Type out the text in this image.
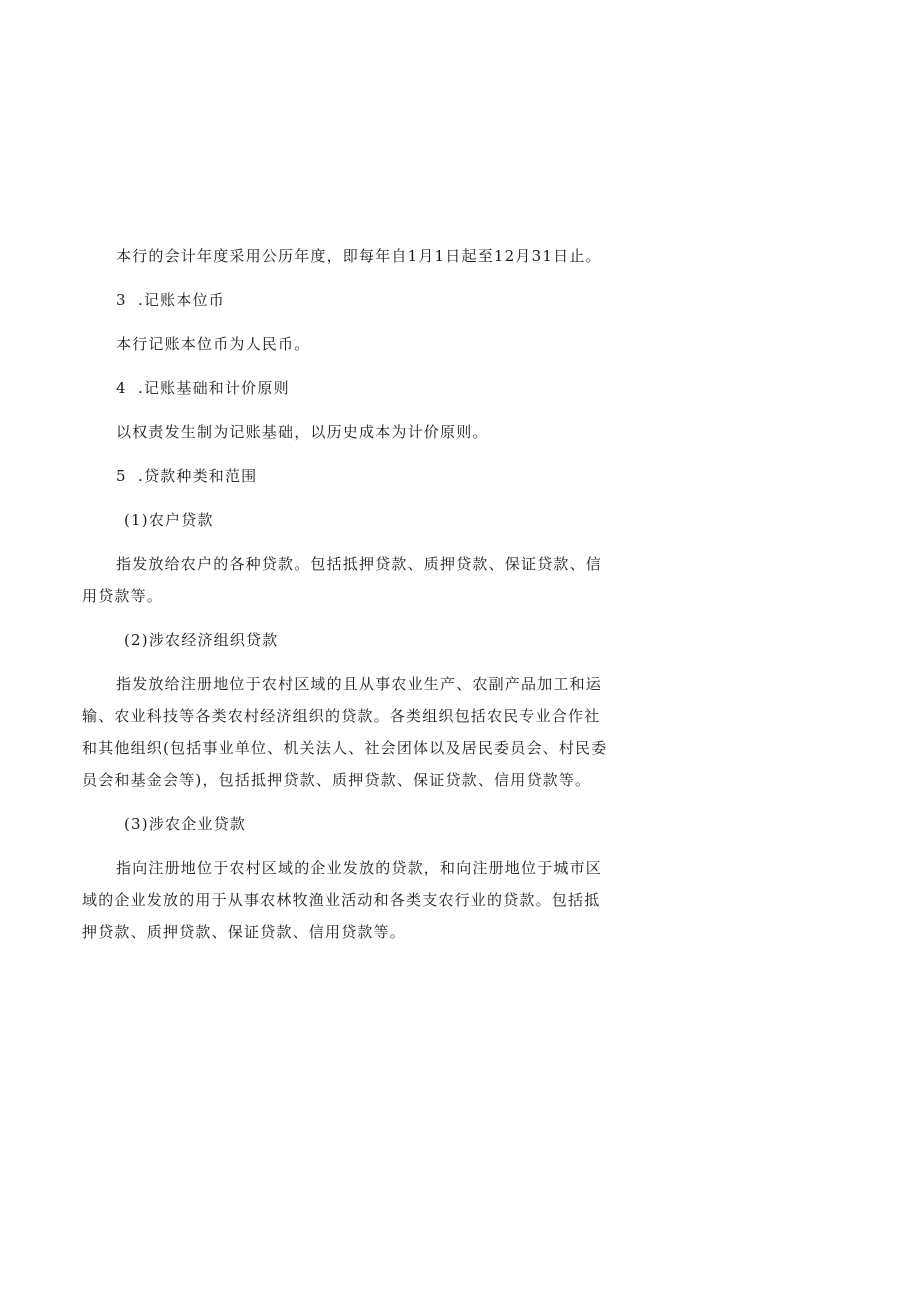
本行的会计年度采用公历年度，即每年自1月1日起至12月31日止。
3 .记账本位币
本行记账本位币为人民币。
4 .记账基础和计价原则
以权责发生制为记账基础，以历史成本为计价原则。
5 .贷款种类和范围
(1)农户贷款
指发放给农户的各种贷款。包括抵押贷款、质押贷款、保证贷款、信
用贷款等。
(2)涉农经济组织贷款
指发放给注册地位于农村区域的且从事农业生产、农副产品加工和运
输、农业科技等各类农村经济组织的贷款。各类组织包括农民专业合作社
和其他组织(包括事业单位、机关法人、社会团体以及居民委员会、村民委
员会和基金会等)，包括抵押贷款、质押贷款、保证贷款、信用贷款等。
(3)涉农企业贷款
指向注册地位于农村区域的企业发放的贷款，和向注册地位于城市区
域的企业发放的用于从事农林牧渔业活动和各类支农行业的贷款。包括抵
押贷款、质押贷款、保证贷款、信用贷款等。
